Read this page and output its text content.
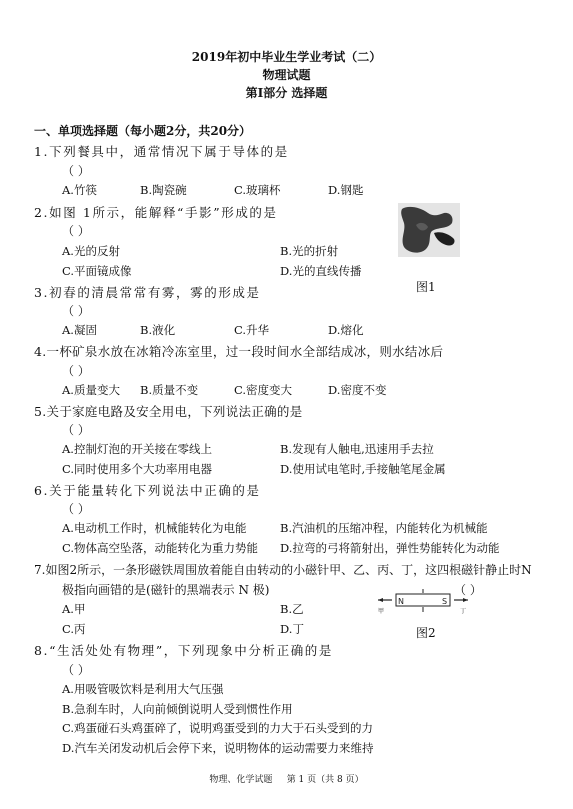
2019年初中毕业生学业考试（二）
物理试题
第Ⅰ部分 选择题
一、单项选择题（每小题2分，共20分）
1.下列餐具中，通常情况下属于导体的是
（ ）
A.竹筷	B.陶瓷碗	C.玻璃杯	D.钢匙
2.如图 1所示，能解释“手影”形成的是
（ ）
A.光的反射	B.光的折射
C.平面镜成像	D.光的直线传播
图1
3.初春的清晨常常有雾，雾的形成是
（ ）
A.凝固	B.液化	C.升华	D.熔化
4.一杯矿泉水放在冰箱冷冻室里，过一段时间水全部结成冰，则水结冰后
（ ）
A.质量变大 B.质量不变	C.密度变大	D.密度不变
5.关于家庭电路及安全用电，下列说法正确的是
（ ）
A.控制灯泡的开关接在零线上	B.发现有人触电,迅速用手去拉
C.同时使用多个大功率用电器	D.使用试电笔时,手接触笔尾金属
6.关于能量转化下列说法中正确的是
（ ）
A.电动机工作时，机械能转化为电能	B.汽油机的压缩冲程，内能转化为机械能
C.物体高空坠落，动能转化为重力势能 D.拉弯的弓将箭射出，弹性势能转化为动能
7.如图2所示，一条形磁铁周围放着能自由转动的小磁针甲、乙、丙、丁，这四根磁针静止时N
极指向画错的是(磁针的黑端表示 N 极)	（ ）
A.甲	B.乙
C.丙	D.丁
N	S
甲	丁
图2
8.“生活处处有物理”，下列现象中分析正确的是
（ ）
A.用吸管吸饮料是利用大气压强
B.急刹车时，人向前倾倒说明人受到惯性作用
C.鸡蛋碰石头鸡蛋碎了，说明鸡蛋受到的力大于石头受到的力
D.汽车关闭发动机后会停下来，说明物体的运动需要力来维持
物理、化学试题     第 1 页（共 8 页）
